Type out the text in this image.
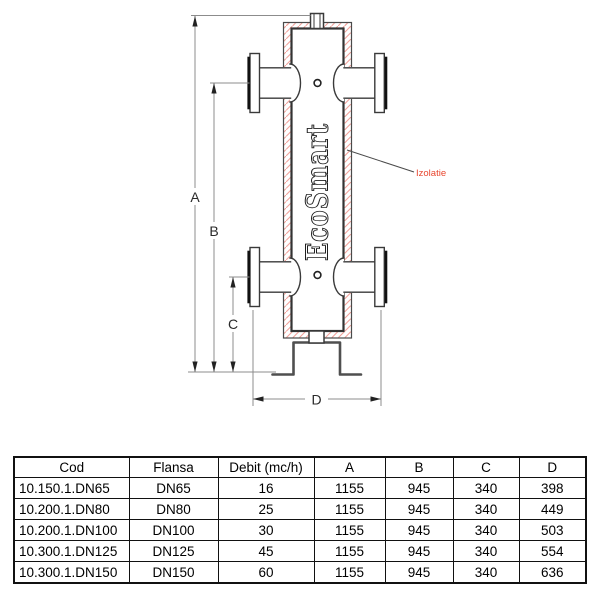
EcoSmart
A
B
C
D
Izolatie
Cod	Flansa	Debit (mc/h)	A	B	C	D
10.150.1.DN65	DN65	16	1155	945	340	398
10.200.1.DN80	DN80	25	1155	945	340	449
10.200.1.DN100	DN100	30	1155	945	340	503
10.300.1.DN125	DN125	45	1155	945	340	554
10.300.1.DN150	DN150	60	1155	945	340	636
